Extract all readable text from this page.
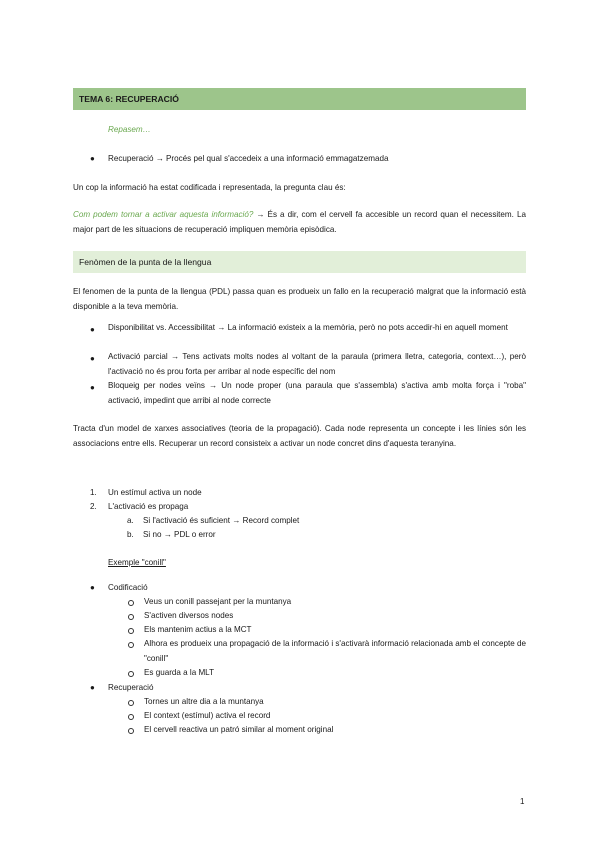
TEMA 6: RECUPERACIÓ
Repasem…
● Recuperació → Procés pel qual s'accedeix a una informació emmagatzemada
Un cop la informació ha estat codificada i representada, la pregunta clau és:
Com podem tornar a activar aquesta informació? → És a dir, com el cervell fa accesible un record quan el necessitem. La major part de les situacions de recuperació impliquen memòria episòdica.
Fenòmen de la punta de la llengua
El fenomen de la punta de la llengua (PDL) passa quan es produeix un fallo en la recuperació malgrat que la informació està disponible a la teva memòria.
● Disponibilitat vs. Accessibilitat → La informació existeix a la memòria, però no pots accedir-hi en aquell moment
● Activació parcial → Tens activats molts nodes al voltant de la paraula (primera lletra, categoria, context…), però l'activació no és prou forta per arribar al node específic del nom
● Bloqueig per nodes veïns → Un node proper (una paraula que s'assembla) s'activa amb molta força i "roba" activació, impedint que arribi al node correcte
Tracta d'un model de xarxes associatives (teoria de la propagació). Cada node representa un concepte i les línies són les associacions entre ells. Recuperar un record consisteix a activar un node concret dins d'aquesta teranyina.
1. Un estímul activa un node
2. L'activació es propaga
a. Si l'activació és suficient → Record complet
b. Si no → PDL o error
Exemple "conill"
● Codificació
Veus un conill passejant per la muntanya
S'activen diversos nodes
Els mantenim actius a la MCT
Alhora es produeix una propagació de la informació i s'activarà informació relacionada amb el concepte de "conill"
Es guarda a la MLT
● Recuperació
Tornes un altre dia a la muntanya
El context (estímul) activa el record
El cervell reactiva un patró similar al moment original
1
